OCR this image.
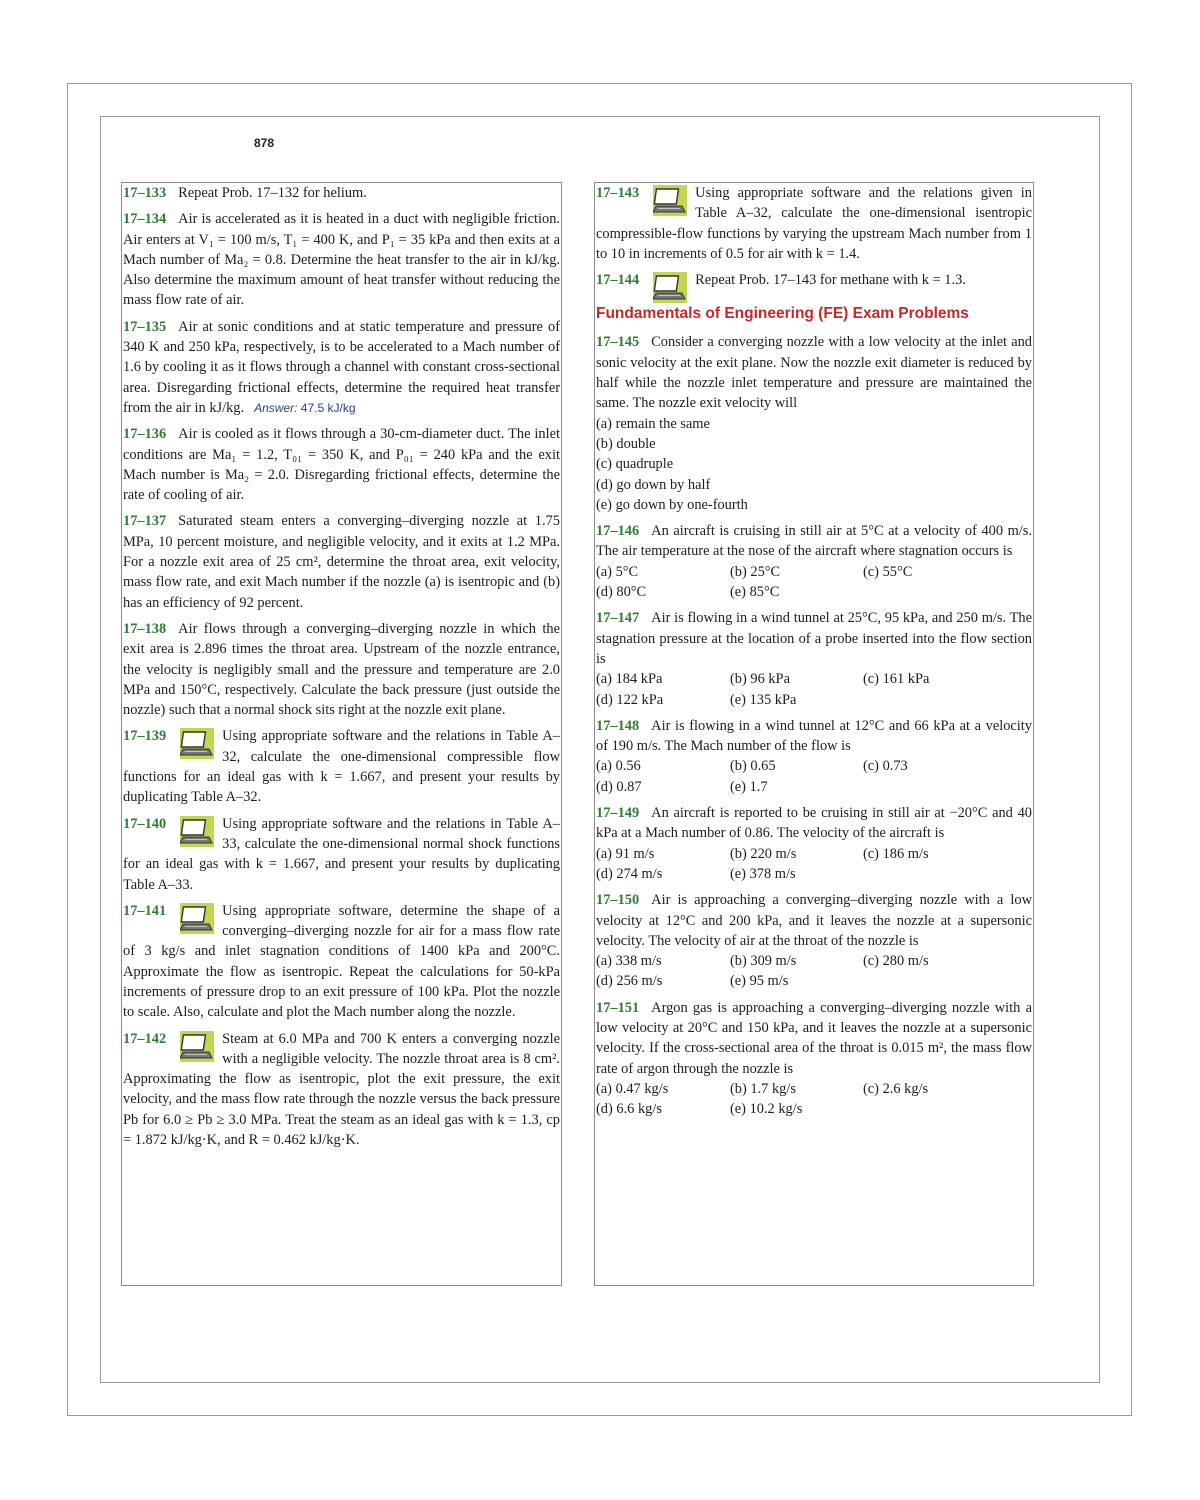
878
17–133 Repeat Prob. 17–132 for helium.
17–134 Air is accelerated as it is heated in a duct with negligible friction. Air enters at V₁ = 100 m/s, T₁ = 400 K, and P₁ = 35 kPa and then exits at a Mach number of Ma₂ = 0.8. Determine the heat transfer to the air in kJ/kg. Also determine the maximum amount of heat transfer without reducing the mass flow rate of air.
17–135 Air at sonic conditions and at static temperature and pressure of 340 K and 250 kPa, respectively, is to be accelerated to a Mach number of 1.6 by cooling it as it flows through a channel with constant cross-sectional area. Disregarding frictional effects, determine the required heat transfer from the air in kJ/kg. Answer: 47.5 kJ/kg
17–136 Air is cooled as it flows through a 30-cm-diameter duct. The inlet conditions are Ma₁ = 1.2, T₀₁ = 350 K, and P₀₁ = 240 kPa and the exit Mach number is Ma₂ = 2.0. Disregarding frictional effects, determine the rate of cooling of air.
17–137 Saturated steam enters a converging–diverging nozzle at 1.75 MPa, 10 percent moisture, and negligible velocity, and it exits at 1.2 MPa. For a nozzle exit area of 25 cm², determine the throat area, exit velocity, mass flow rate, and exit Mach number if the nozzle (a) is isentropic and (b) has an efficiency of 92 percent.
17–138 Air flows through a converging–diverging nozzle in which the exit area is 2.896 times the throat area. Upstream of the nozzle entrance, the velocity is negligibly small and the pressure and temperature are 2.0 MPa and 150°C, respectively. Calculate the back pressure (just outside the nozzle) such that a normal shock sits right at the nozzle exit plane.
17–139	Using appropriate software and the relations in Table A–32, calculate the one-dimensional compressible flow functions for an ideal gas with k = 1.667, and present your results by duplicating Table A–32.
17–140	Using appropriate software and the relations in Table A–33, calculate the one-dimensional normal shock functions for an ideal gas with k = 1.667, and present your results by duplicating Table A–33.
17–141	Using appropriate software, determine the shape of a converging–diverging nozzle for air for a mass flow rate of 3 kg/s and inlet stagnation conditions of 1400 kPa and 200°C. Approximate the flow as isentropic. Repeat the calculations for 50-kPa increments of pressure drop to an exit pressure of 100 kPa. Plot the nozzle to scale. Also, calculate and plot the Mach number along the nozzle.
17–142	Steam at 6.0 MPa and 700 K enters a converging nozzle with a negligible velocity. The nozzle throat area is 8 cm². Approximating the flow as isentropic, plot the exit pressure, the exit velocity, and the mass flow rate through the nozzle versus the back pressure Pb for 6.0 ≥ Pb ≥ 3.0 MPa. Treat the steam as an ideal gas with k = 1.3, cp = 1.872 kJ/kg·K, and R = 0.462 kJ/kg·K.
17–143	Using appropriate software and the relations given in Table A–32, calculate the one-dimensional isentropic compressible-flow functions by varying the upstream Mach number from 1 to 10 in increments of 0.5 for air with k = 1.4.
17–144	Repeat Prob. 17–143 for methane with k = 1.3.
Fundamentals of Engineering (FE) Exam Problems
17–145 Consider a converging nozzle with a low velocity at the inlet and sonic velocity at the exit plane. Now the nozzle exit diameter is reduced by half while the nozzle inlet temperature and pressure are maintained the same. The nozzle exit velocity will
(a) remain the same
(b) double
(c) quadruple
(d) go down by half
(e) go down by one-fourth
17–146 An aircraft is cruising in still air at 5°C at a velocity of 400 m/s. The air temperature at the nose of the aircraft where stagnation occurs is
(a) 5°C	(b) 25°C	(c) 55°C
(d) 80°C	(e) 85°C
17–147 Air is flowing in a wind tunnel at 25°C, 95 kPa, and 250 m/s. The stagnation pressure at the location of a probe inserted into the flow section is
(a) 184 kPa	(b) 96 kPa	(c) 161 kPa
(d) 122 kPa	(e) 135 kPa
17–148 Air is flowing in a wind tunnel at 12°C and 66 kPa at a velocity of 190 m/s. The Mach number of the flow is
(a) 0.56	(b) 0.65	(c) 0.73
(d) 0.87	(e) 1.7
17–149 An aircraft is reported to be cruising in still air at −20°C and 40 kPa at a Mach number of 0.86. The velocity of the aircraft is
(a) 91 m/s	(b) 220 m/s	(c) 186 m/s
(d) 274 m/s	(e) 378 m/s
17–150 Air is approaching a converging–diverging nozzle with a low velocity at 12°C and 200 kPa, and it leaves the nozzle at a supersonic velocity. The velocity of air at the throat of the nozzle is
(a) 338 m/s	(b) 309 m/s	(c) 280 m/s
(d) 256 m/s	(e) 95 m/s
17–151 Argon gas is approaching a converging–diverging nozzle with a low velocity at 20°C and 150 kPa, and it leaves the nozzle at a supersonic velocity. If the cross-sectional area of the throat is 0.015 m², the mass flow rate of argon through the nozzle is
(a) 0.47 kg/s	(b) 1.7 kg/s	(c) 2.6 kg/s
(d) 6.6 kg/s	(e) 10.2 kg/s
